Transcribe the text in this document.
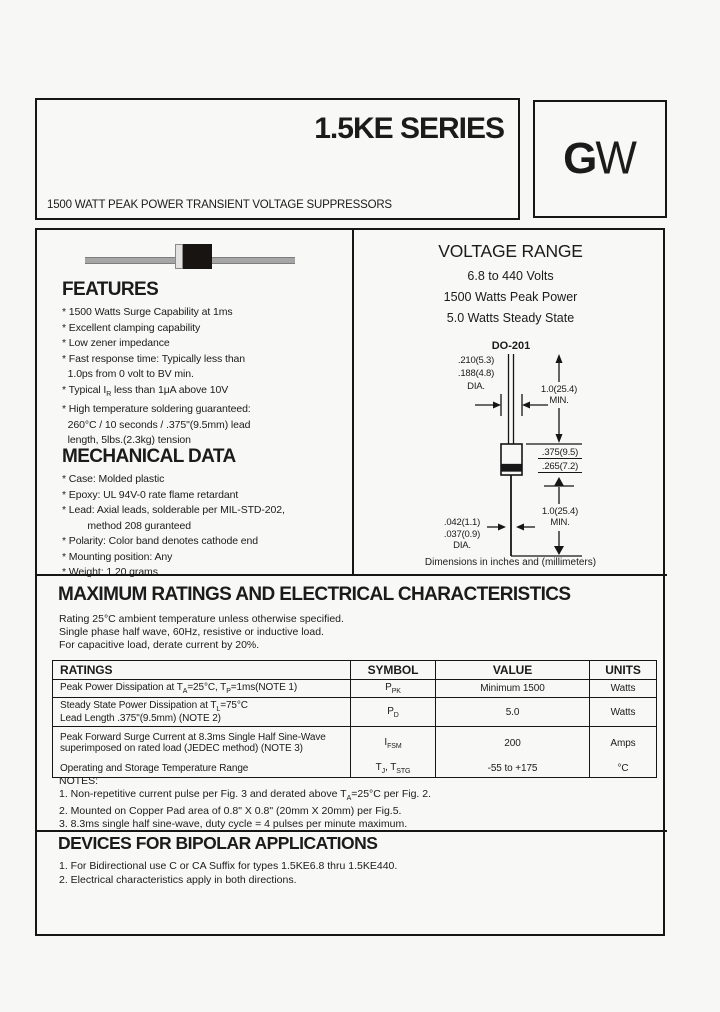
1.5KE SERIES
1500 WATT PEAK POWER TRANSIENT VOLTAGE SUPPRESSORS
GW
FEATURES
* 1500 Watts Surge Capability at 1ms
* Excellent clamping capability
* Low zener impedance
* Fast response time: Typically less than
1.0ps from 0 volt to BV min.
* Typical $I_R$ less than 1μA above 10V
* High temperature soldering guaranteed:
260°C / 10 seconds / .375"(9.5mm) lead
length, 5lbs.(2.3kg) tension
MECHANICAL DATA
* Case: Molded plastic
* Epoxy: UL 94V-0 rate flame retardant
* Lead: Axial leads, solderable per MIL-STD-202,
method 208 guranteed
* Polarity: Color band denotes cathode end
* Mounting position: Any
* Weight: 1.20 grams
VOLTAGE RANGE
6.8 to 440 Volts
1500 Watts Peak Power
5.0 Watts Steady State
DO-201
.210(5.3)
.188(4.8)
DIA.	1.0(25.4)
MIN.
.375(9.5)
.265(7.2)
1.0(25.4)
MIN.
.042(1.1)
.037(0.9)
DIA.
Dimensions in inches and (millimeters)
MAXIMUM RATINGS AND ELECTRICAL CHARACTERISTICS
Rating 25°C ambient temperature unless otherwise specified.
Single phase half wave, 60Hz, resistive or inductive load.
For capacitive load, derate current by 20%.
RATINGS	SYMBOL	VALUE	UNITS
Peak Power Dissipation at $T_A=25^\circ C$, $T_P=1ms(NOTE$ 1)	$P_{PK}$	Minimum 1500	Watts
Steady State Power Dissipation at $T_L=75^\circ C$
Lead Length .375"(9.5mm) (NOTE 2)	$P_D$	5.0	Watts
Peak Forward Surge Current at 8.3ms Single Half Sine-Wave
superimposed on rated load (JEDEC method) (NOTE 3)	$I_{FSM}$	200	Amps
Operating and Storage Temperature Range	$T_J$, $T_{STG}$	-55 to +175	°C
NOTES:
1. Non-repetitive current pulse per Fig. 3 and derated above $T_A=25^\circ C$ per Fig. 2.
2. Mounted on Copper Pad area of 0.8" X 0.8" (20mm X 20mm) per Fig.5.
3. 8.3ms single half sine-wave, duty cycle = 4 pulses per minute maximum.
DEVICES FOR BIPOLAR APPLICATIONS
1. For Bidirectional use C or CA Suffix for types 1.5KE6.8 thru 1.5KE440.
2. Electrical characteristics apply in both directions.
